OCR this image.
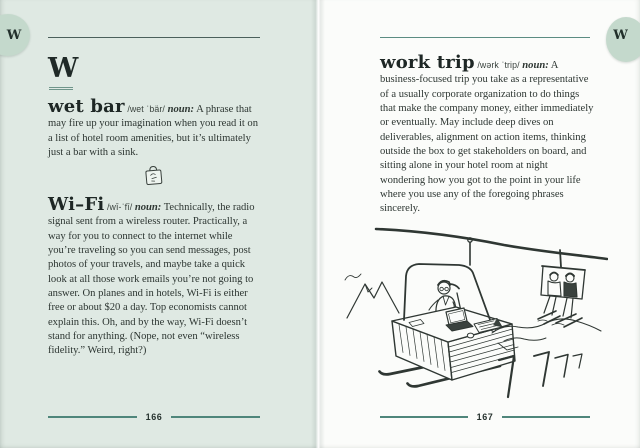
W
W

wet bar /wet ˈbär/ noun: A phrase that may fire up your imagination when you read it on a list of hotel room amenities, but it’s ultimately just a bar with a sink.

Wi–Fi /wī-ˈfī/ noun: Technically, the radio signal sent from a wireless router. Practically, a way for you to connect to the internet while you’re traveling so you can send messages, post photos of your travels, and maybe take a quick look at all those work emails you’re not going to answer. On planes and in hotels, Wi-Fi is either free or about $20 a day. Top economists cannot explain this. Oh, and by the way, Wi-Fi doesn’t stand for anything. (Nope, not even “wireless fidelity.” Weird, right?)

166

work trip /wərk ˈtrip/ noun: A business-focused trip you take as a representative of a usually corporate organization to do things that make the company money, either immediately or eventually. May include deep dives on deliverables, alignment on action items, thinking outside the box to get stakeholders on board, and sitting alone in your hotel room at night wondering how you got to the point in your life where you use any of the foregoing phrases sincerely.

167
W
